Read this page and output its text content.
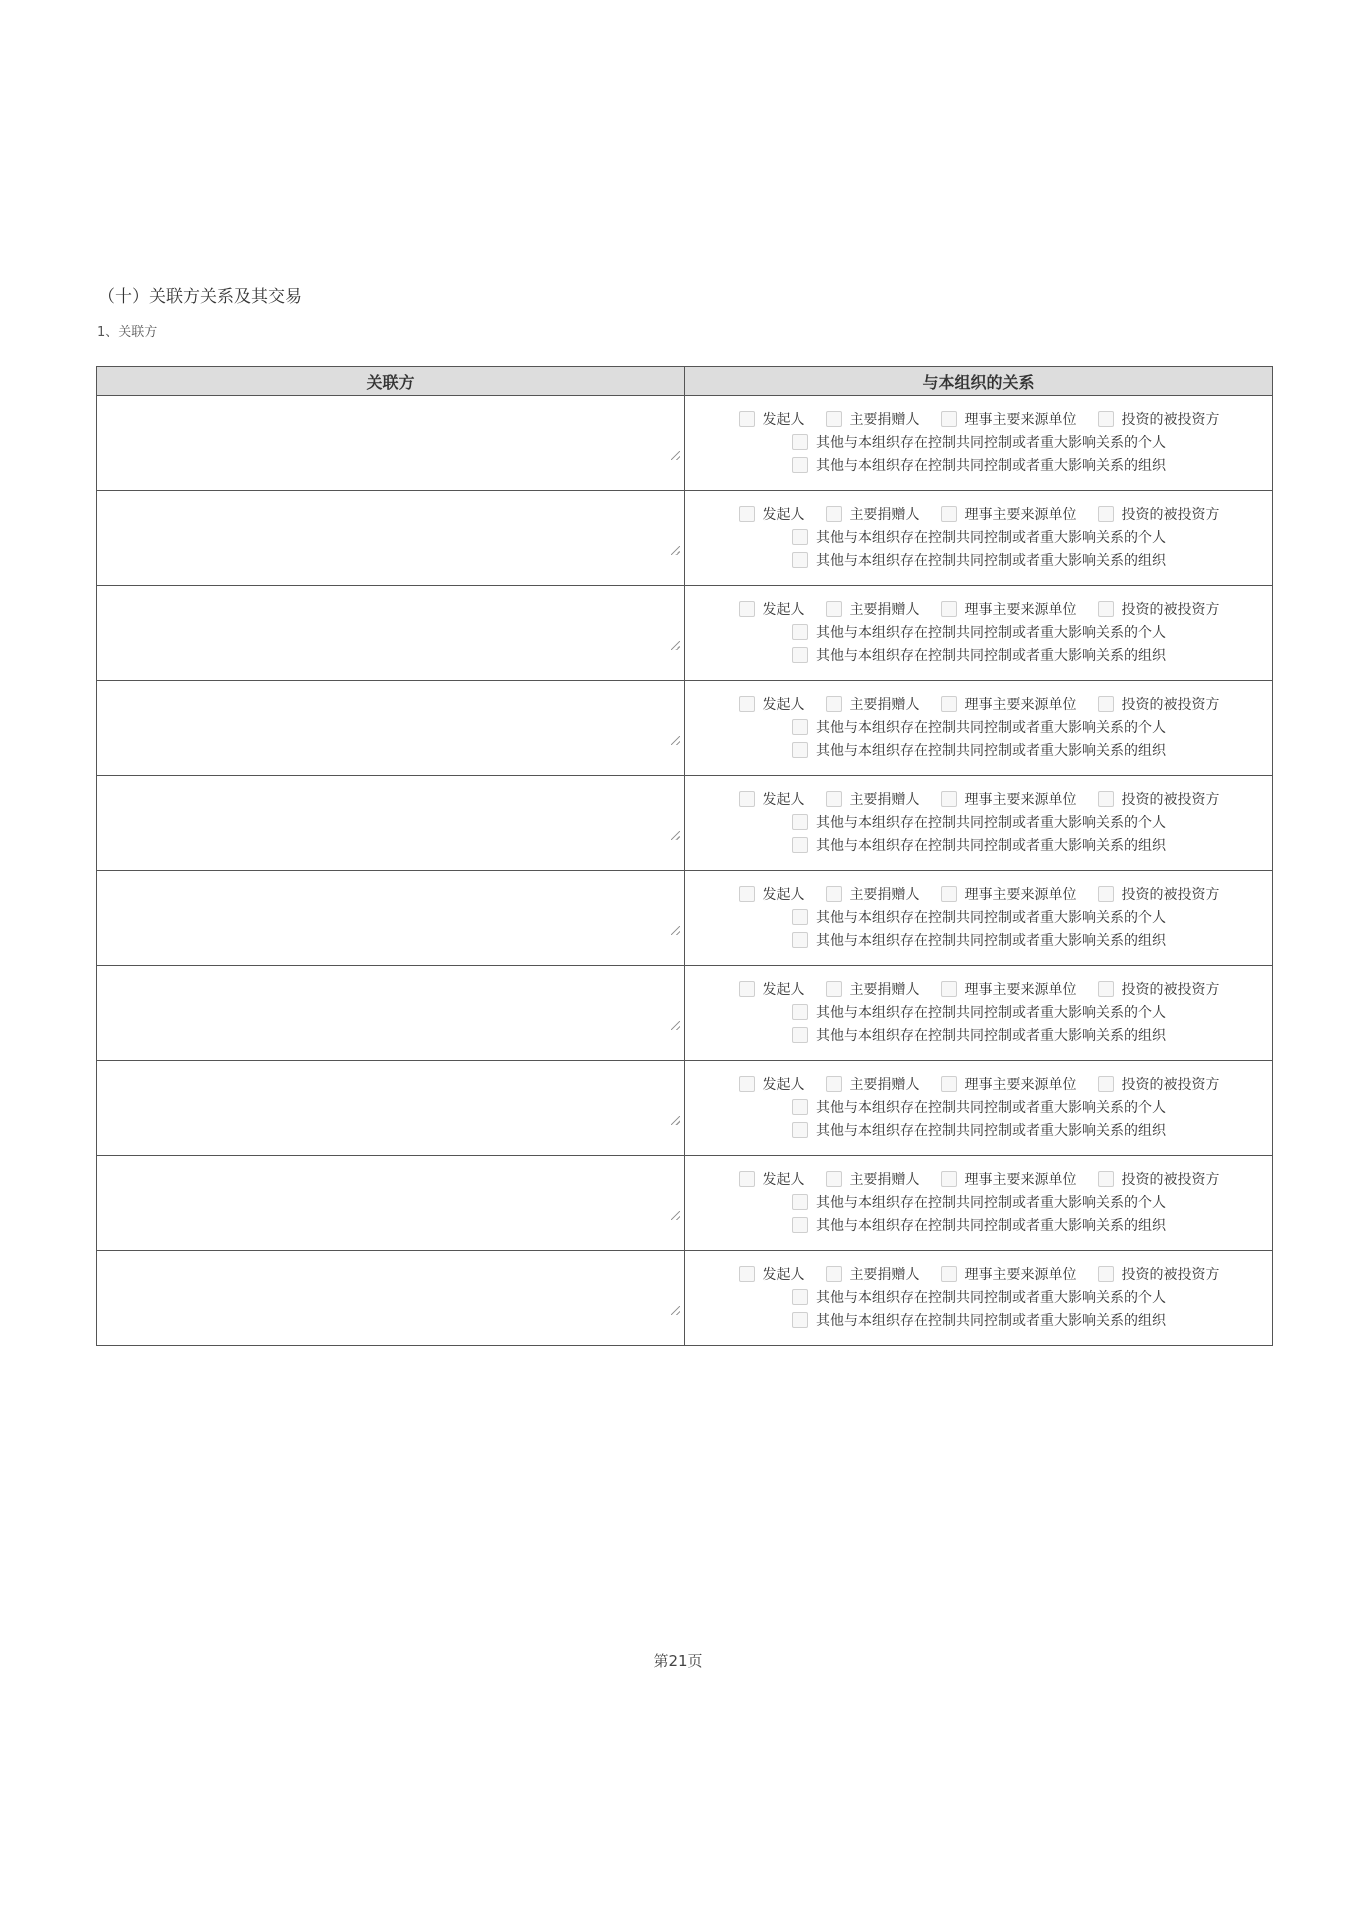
（十）关联方关系及其交易
1、关联方
关联方	与本组织的关系

发起人 主要捐赠人 理事主要来源单位 投资的被投资方
其他与本组织存在控制共同控制或者重大影响关系的个人
其他与本组织存在控制共同控制或者重大影响关系的组织

发起人 主要捐赠人 理事主要来源单位 投资的被投资方
其他与本组织存在控制共同控制或者重大影响关系的个人
其他与本组织存在控制共同控制或者重大影响关系的组织

发起人 主要捐赠人 理事主要来源单位 投资的被投资方
其他与本组织存在控制共同控制或者重大影响关系的个人
其他与本组织存在控制共同控制或者重大影响关系的组织

发起人 主要捐赠人 理事主要来源单位 投资的被投资方
其他与本组织存在控制共同控制或者重大影响关系的个人
其他与本组织存在控制共同控制或者重大影响关系的组织

发起人 主要捐赠人 理事主要来源单位 投资的被投资方
其他与本组织存在控制共同控制或者重大影响关系的个人
其他与本组织存在控制共同控制或者重大影响关系的组织

发起人 主要捐赠人 理事主要来源单位 投资的被投资方
其他与本组织存在控制共同控制或者重大影响关系的个人
其他与本组织存在控制共同控制或者重大影响关系的组织

发起人 主要捐赠人 理事主要来源单位 投资的被投资方
其他与本组织存在控制共同控制或者重大影响关系的个人
其他与本组织存在控制共同控制或者重大影响关系的组织

发起人 主要捐赠人 理事主要来源单位 投资的被投资方
其他与本组织存在控制共同控制或者重大影响关系的个人
其他与本组织存在控制共同控制或者重大影响关系的组织

发起人 主要捐赠人 理事主要来源单位 投资的被投资方
其他与本组织存在控制共同控制或者重大影响关系的个人
其他与本组织存在控制共同控制或者重大影响关系的组织

发起人 主要捐赠人 理事主要来源单位 投资的被投资方
其他与本组织存在控制共同控制或者重大影响关系的个人
其他与本组织存在控制共同控制或者重大影响关系的组织
第21页
